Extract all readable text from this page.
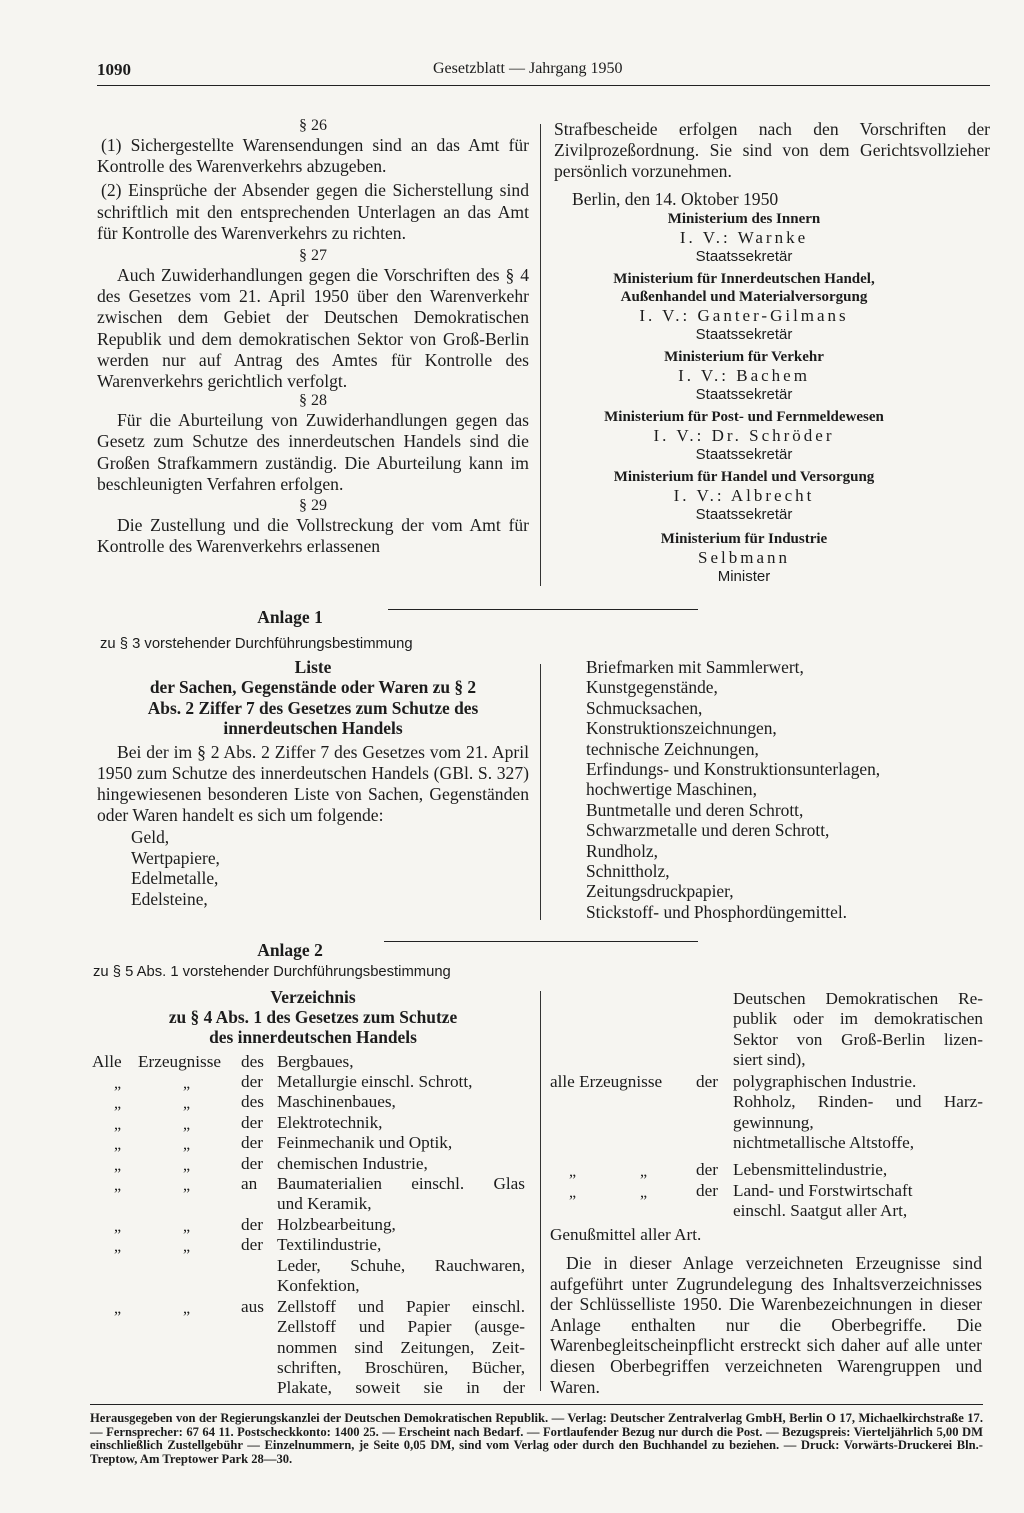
1090	Gesetzblatt — Jahrgang 1950
§ 26
(1) Sichergestellte Warensendungen sind an das Amt für Kontrolle des Warenverkehrs abzugeben.
(2) Einsprüche der Absender gegen die Sicherstellung sind schriftlich mit den entsprechenden Unterlagen an das Amt für Kontrolle des Warenverkehrs zu richten.
§ 27
Auch Zuwiderhandlungen gegen die Vorschriften des § 4 des Gesetzes vom 21. April 1950 über den Warenverkehr zwischen dem Gebiet der Deutschen Demokratischen Republik und dem demokratischen Sektor von Groß-Berlin werden nur auf Antrag des Amtes für Kontrolle des Warenverkehrs gerichtlich verfolgt.
§ 28
Für die Aburteilung von Zuwiderhandlungen gegen das Gesetz zum Schutze des innerdeutschen Handels sind die Großen Strafkammern zuständig. Die Aburteilung kann im beschleunigten Verfahren erfolgen.
§ 29
Die Zustellung und die Vollstreckung der vom Amt für Kontrolle des Warenverkehrs erlassenen
Strafbescheide erfolgen nach den Vorschriften der Zivilprozeßordnung. Sie sind von dem Gerichtsvollzieher persönlich vorzunehmen.
Berlin, den 14. Oktober 1950
Ministerium des Innern
I. V.: Warnke
Staatssekretär
Ministerium für Innerdeutschen Handel, Außenhandel und Materialversorgung
I. V.: Ganter-Gilmans
Staatssekretär
Ministerium für Verkehr
I. V.: Bachem
Staatssekretär
Ministerium für Post- und Fernmeldewesen
I. V.: Dr. Schröder
Staatssekretär
Ministerium für Handel und Versorgung
I. V.: Albrecht
Staatssekretär
Ministerium für Industrie
Selbmann
Minister
Anlage 1
zu § 3 vorstehender Durchführungsbestimmung
Liste
der Sachen, Gegenstände oder Waren zu § 2
Abs. 2 Ziffer 7 des Gesetzes zum Schutze des
innerdeutschen Handels
Bei der im § 2 Abs. 2 Ziffer 7 des Gesetzes vom 21. April 1950 zum Schutze des innerdeutschen Handels (GBl. S. 327) hingewiesenen besonderen Liste von Sachen, Gegenständen oder Waren handelt es sich um folgende:
Geld,
Wertpapiere,
Edelmetalle,
Edelsteine,
Briefmarken mit Sammlerwert,
Kunstgegenstände,
Schmucksachen,
Konstruktionszeichnungen,
technische Zeichnungen,
Erfindungs- und Konstruktionsunterlagen,
hochwertige Maschinen,
Buntmetalle und deren Schrott,
Schwarzmetalle und deren Schrott,
Rundholz,
Schnittholz,
Zeitungsdruckpapier,
Stickstoff- und Phosphordüngemittel.
Anlage 2
zu § 5 Abs. 1 vorstehender Durchführungsbestimmung
Verzeichnis
zu § 4 Abs. 1 des Gesetzes zum Schutze
des innerdeutschen Handels
Alle Erzeugnisse des Bergbaues,
„	„	der Metallurgie einschl. Schrott,
„	„	des Maschinenbaues,
„	„	der Elektrotechnik,
„	„	der Feinmechanik und Optik,
„	„	der chemischen Industrie,
„	„	an Baumaterialien einschl. Glas
und Keramik,
„	„	der Holzbearbeitung,
„	„	der Textilindustrie,
Leder, Schuhe, Rauchwaren,
Konfektion,
„	„	aus Zellstoff und Papier einschl.
Zellstoff und Papier (ausge-
nommen sind Zeitungen, Zeit-
schriften, Broschüren, Bücher,
Plakate, soweit sie in der
Deutschen Demokratischen Re-
publik oder im demokratischen
Sektor von Groß-Berlin lizen-
siert sind),
alle Erzeugnisse der polygraphischen Industrie.
Rohholz, Rinden- und Harz-
gewinnung,
nichtmetallische Altstoffe,
„	„	der Lebensmittelindustrie,
„	„	der Land- und Forstwirtschaft
einschl. Saatgut aller Art,
Genußmittel aller Art.
Die in dieser Anlage verzeichneten Erzeugnisse sind aufgeführt unter Zugrundelegung des Inhaltsverzeichnisses der Schlüsselliste 1950. Die Warenbezeichnungen in dieser Anlage enthalten nur die Oberbegriffe. Die Warenbegleitscheinpflicht erstreckt sich daher auf alle unter diesen Oberbegriffen verzeichneten Warengruppen und Waren.
Herausgegeben von der Regierungskanzlei der Deutschen Demokratischen Republik. — Verlag: Deutscher Zentralverlag GmbH, Berlin O 17, Michaelkirchstraße 17. — Fernsprecher: 67 64 11. Postscheckkonto: 1400 25. — Erscheint nach Bedarf. — Fortlaufender Bezug nur durch die Post. — Bezugspreis: Vierteljährlich 5,00 DM einschließlich Zustellgebühr — Einzelnummern, je Seite 0,05 DM, sind vom Verlag oder durch den Buchhandel zu beziehen. — Druck: Vorwärts-Druckerei Bln.-Treptow, Am Treptower Park 28—30.
